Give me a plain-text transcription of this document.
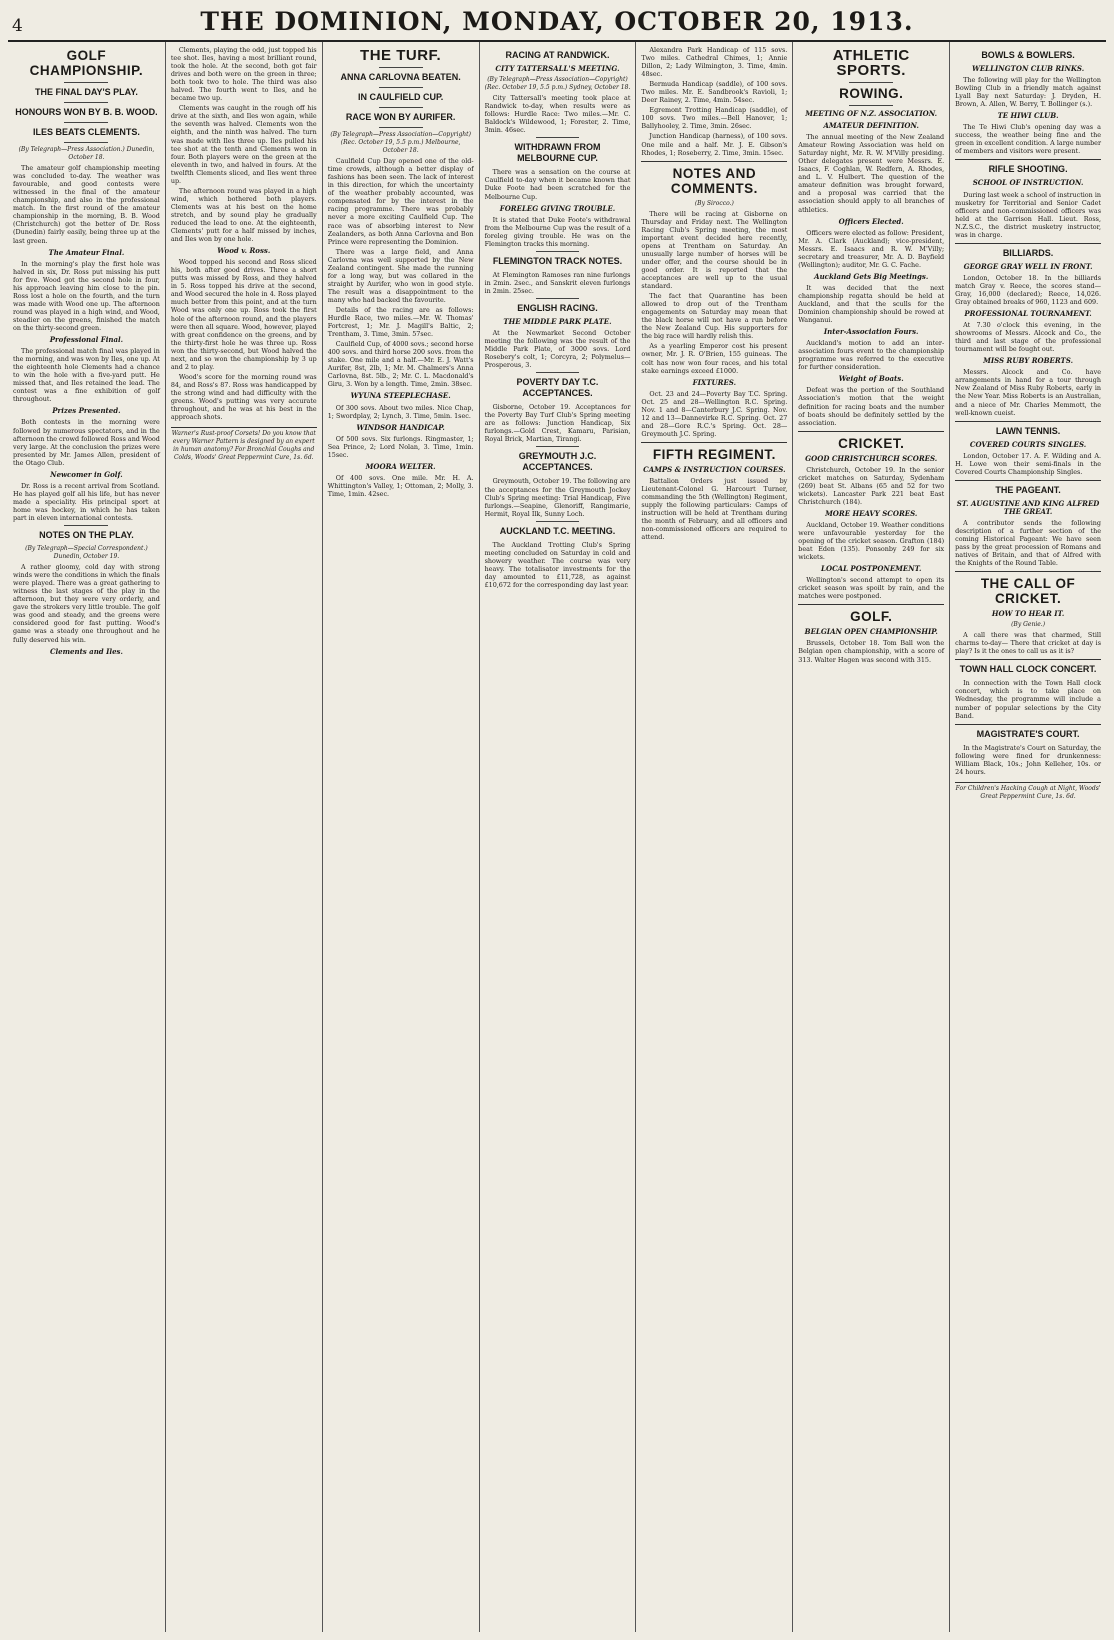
4	THE DOMINION, MONDAY, OCTOBER 20, 1913.
GOLF CHAMPIONSHIP.
THE FINAL DAY'S PLAY.
HONOURS WON BY B. B. WOOD.
ILES BEATS CLEMENTS.
(By Telegraph—Press Association.) Dunedin, October 18.

The amateur golf championship meeting was concluded to-day. The weather was favourable, and good contests were witnessed in the final of the amateur championship, and also in the professional match. In the first round of the amateur championship in the morning, B. B. Wood (Christchurch) got the better of Dr. Ross (Dunedin) fairly easily, being three up at the last green.

The Amateur Final.

In the morning's play the first hole was halved in six, Dr. Ross put missing his putt for five. Wood got the second hole in four, his approach leaving him close to the pin. Ross lost a hole on the fourth, and the turn was made with Wood one up. The afternoon round was played in a high wind, and Wood, steadier on the greens, finished the match on the thirty-second green.

Professional Final.

The professional match final was played in the morning, and was won by Iles, one up. At the eighteenth hole Clements had a chance to win the hole with a five-yard putt. He missed that, and Iles retained the lead. The contest was a fine exhibition of golf throughout.

Prizes Presented.

Both contests in the morning were followed by numerous spectators, and in the afternoon the crowd followed Ross and Wood very large. At the conclusion the prizes were presented by Mr. James Allen, president of the Otago Club.

Newcomer in Golf.

Dr. Ross is a recent arrival from Scotland. He has played golf all his life, but has never made a speciality. His principal sport at home was hockey, in which he has taken part in eleven international contests.

NOTES ON THE PLAY.
(By Telegraph—Special Correspondent.) Dunedin, October 19.

A rather gloomy, cold day with strong winds were the conditions in which the finals were played. There was a great gathering to witness the last stages of the play in the afternoon, but they were very orderly, and gave the strokers very little trouble. The golf was good and steady, and the greens were considered good for fast putting. Wood's game was a steady one throughout and he fully deserved his win.

Clements and Iles.

Clements, playing the odd, just topped his tee shot. Iles, having a most brilliant round, took the hole. At the second, both got fair drives and both were on the green in three; both took two to hole. The third was also halved. The fourth went to Iles, and he became two up.

Clements was caught in the rough off his drive at the sixth, and Iles won again, while the seventh was halved. Clements won the eighth, and the ninth was halved. The turn was made with Iles three up. Iles pulled his tee shot at the tenth and Clements won in four. Both players were on the green at the eleventh in two, and halved in fours. At the twelfth Clements sliced, and Iles went three up.

The afternoon round was played in a high wind, which bothered both players. Clements was at his best on the home stretch, and by sound play he gradually reduced the lead to one. At the eighteenth, Clements' putt for a half missed by inches, and Iles won by one hole.

Wood v. Ross.

Wood topped his second and Ross sliced his, both after good drives. Three a short putts was missed by Ross, and they halved in 5. Ross topped his drive at the second, and Wood secured the hole in 4. Ross played much better from this point, and at the turn Wood was only one up. Ross took the first hole of the afternoon round, and the players were then all square. Wood, however, played with great confidence on the greens, and by the thirty-first hole he was three up. Ross won the thirty-second, but Wood halved the next, and so won the championship by 3 up and 2 to play.

Wood's score for the morning round was 84, and Ross's 87. Ross was handicapped by the strong wind and had difficulty with the greens. Wood's putting was very accurate throughout, and he was at his best in the approach shots.

Warner's Rust-proof Corsets! Do you know that every Warner Pattern is designed by an expert in human anatomy? For Bronchial Coughs and Colds, Woods' Great Peppermint Cure, 1s. 6d.
THE TURF.
ANNA CARLOVNA BEATEN.
IN CAULFIELD CUP.
RACE WON BY AURIFER.
(By Telegraph—Press Association—Copyright) (Rec. October 19, 5.5 p.m.) Melbourne, October 18.

Caulfield Cup Day opened one of the old-time crowds, although a better display of fashions has been seen. The lack of interest in this direction, for which the uncertainty of the weather probably accounted, was compensated for by the interest in the racing programme. There was probably never a more exciting Caulfield Cup. The race was of absorbing interest to New Zealanders, as both Anna Carlovna and Bon Prince were representing the Dominion.

There was a large field, and Anna Carlovna was well supported by the New Zealand contingent. She made the running for a long way, but was collared in the straight by Aurifer, who won in good style. The result was a disappointment to the many who had backed the favourite.

Details of the racing are as follows: Hurdle Race, two miles.—Mr. W. Thomas' Fortcrest, 1; Mr. J. Magill's Baltic, 2; Trentham, 3. Time, 3min. 57sec.

Caulfield Cup, of 4000 sovs.; second horse 400 sovs. and third horse 200 sovs. from the stake. One mile and a half.—Mr. E. J. Watt's Aurifer, 8st, 2lb, 1; Mr. M. Chalmers's Anna Carlovna, 8st. 5lb., 2; Mr. C. L. Macdonald's Giru, 3. Won by a length. Time, 2min. 38sec.

WYUNA STEEPLECHASE.

Of 300 sovs. About two miles. Nice Chap, 1; Swordplay, 2; Lynch, 3. Time, 5min. 1sec.

WINDSOR HANDICAP.

Of 500 sovs. Six furlongs. Ringmaster, 1; Sea Prince, 2; Lord Nolan, 3. Time, 1min. 15sec.

MOORA WELTER.

Of 400 sovs. One mile. Mr. H. A. Whittington's Valley, 1; Ottoman, 2; Molly, 3. Time, 1min. 42sec.

RACING AT RANDWICK.
CITY TATTERSALL'S MEETING.
(By Telegraph—Press Association—Copyright) (Rec. October 19, 5.5 p.m.) Sydney, October 18.

City Tattersall's meeting took place at Randwick to-day, when results were as follows: Hurdle Race: Two miles.—Mr. C. Baldock's Wildewood, 1; Forester, 2. Time, 3min. 46sec.

WITHDRAWN FROM MELBOURNE CUP.

There was a sensation on the course at Caulfield to-day when it became known that Duke Foote had been scratched for the Melbourne Cup.

FORELEG GIVING TROUBLE.

It is stated that Duke Foote's withdrawal from the Melbourne Cup was the result of a foreleg giving trouble. He was on the Flemington tracks this morning.

FLEMINGTON TRACK NOTES.

At Flemington Ramoses ran nine furlongs in 2min. 2sec., and Sanskrit eleven furlongs in 2min. 25sec.

ENGLISH RACING.
THE MIDDLE PARK PLATE.

At the Newmarket Second October meeting the following was the result of the Middle Park Plate, of 3000 sovs. Lord Rosebery's colt, 1; Corcyra, 2; Polymelus—Prosperous, 3.

POVERTY DAY T.C. ACCEPTANCES.

Gisborne, October 19. Acceptances for the Poverty Bay Turf Club's Spring meeting are as follows: Junction Handicap, Six furlongs.—Gold Crest, Kamaru, Parisian, Royal Brick, Martian, Tirangi.

GREYMOUTH J.C. ACCEPTANCES.

Greymouth, October 19. The following are the acceptances for the Greymouth Jockey Club's Spring meeting: Trial Handicap, Five furlongs.—Seapine, Glenoriff, Rangimarie, Hermit, Royal Ilk, Sunny Loch.

AUCKLAND T.C. MEETING.

The Auckland Trotting Club's Spring meeting concluded on Saturday in cold and showery weather. The course was very heavy. The totalisator investments for the day amounted to £11,728, as against £10,672 for the corresponding day last year.

Alexandra Park Handicap of 115 sovs. Two miles. Cathedral Chimes, 1; Annie Dillon, 2; Lady Wilmington, 3. Time, 4min. 48sec.

Bermuda Handicap (saddle), of 100 sovs. Two miles. Mr. E. Sandbrook's Ravioli, 1; Deer Rainey, 2. Time, 4min. 54sec.

Egremont Trotting Handicap (saddle), of 100 sovs. Two miles.—Bell Hanover, 1; Ballyhooley, 2. Time, 3min. 26sec.

Junction Handicap (harness), of 100 sovs. One mile and a half. Mr. J. E. Gibson's Rhodes, 1; Roseberry, 2. Time, 3min. 15sec.

NOTES AND COMMENTS.
(By Sirocco.)

There will be racing at Gisborne on Thursday and Friday next. The Wellington Racing Club's Spring meeting, the most important event decided here recently, opens at Trentham on Saturday. An unusually large number of horses will be under offer, and the course should be in good order. It is reported that the acceptances are well up to the usual standard.

The fact that Quarantine has been allowed to drop out of the Trentham engagements on Saturday may mean that the black horse will not have a run before the New Zealand Cup. His supporters for the big race will hardly relish this.

As a yearling Emperor cost his present owner, Mr. J. R. O'Brien, 155 guineas. The colt has now won four races, and his total stake earnings exceed £1000.

FIXTURES.

Oct. 23 and 24—Poverty Bay T.C. Spring. Oct. 25 and 28—Wellington R.C. Spring. Nov. 1 and 8—Canterbury J.C. Spring. Nov. 12 and 13—Dannevirke R.C. Spring. Oct. 27 and 28—Gore R.C.'s Spring. Oct. 28—Greymouth J.C. Spring.

FIFTH REGIMENT.
CAMPS & INSTRUCTION COURSES.

Battalion Orders just issued by Lieutenant-Colonel G. Harcourt Turner, commanding the 5th (Wellington) Regiment, supply the following particulars: Camps of instruction will be held at Trentham during the month of February, and all officers and non-commissioned officers are required to attend.

ATHLETIC SPORTS.
ROWING.
MEETING OF N.Z. ASSOCIATION.
AMATEUR DEFINITION.

The annual meeting of the New Zealand Amateur Rowing Association was held on Saturday night, Mr. R. W. M'Villy presiding. Other delegates present were Messrs. E. Isaacs, F. Coghlan, W. Redfern, A. Rhodes, and L. V. Hulbert. The question of the amateur definition was brought forward, and a proposal was carried that the association should apply to all branches of athletics.

Officers Elected.

Officers were elected as follow: President, Mr. A. Clark (Auckland); vice-president, Messrs. E. Isaacs and R. W. M'Villy; secretary and treasurer, Mr. A. D. Bayfield (Wellington); auditor, Mr. G. C. Fache.

Auckland Gets Big Meetings.

It was decided that the next championship regatta should be held at Auckland, and that the sculls for the Dominion championship should be rowed at Wanganui.

Inter-Association Fours.

Auckland's motion to add an inter-association fours event to the championship programme was referred to the executive for further consideration.

Weight of Boats.

Defeat was the portion of the Southland Association's motion that the weight definition for racing boats and the number of boats should be definitely settled by the association.

CRICKET.
GOOD CHRISTCHURCH SCORES.

Christchurch, October 19. In the senior cricket matches on Saturday, Sydenham (269) beat St. Albans (65 and 52 for two wickets). Lancaster Park 221 beat East Christchurch (184).

MORE HEAVY SCORES.

Auckland, October 19. Weather conditions were unfavourable yesterday for the opening of the cricket season. Grafton (184) beat Eden (135). Ponsonby 249 for six wickets.

LOCAL POSTPONEMENT.

Wellington's second attempt to open its cricket season was spoilt by rain, and the matches were postponed.

GOLF.
BELGIAN OPEN CHAMPIONSHIP.

Brussels, October 18. Tom Ball won the Belgian open championship, with a score of 313. Walter Hagen was second with 315.

BOWLS & BOWLERS.
WELLINGTON CLUB RINKS.

The following will play for the Wellington Bowling Club in a friendly match against Lyall Bay next Saturday: J. Dryden, H. Brown, A. Allen, W. Berry, T. Bollinger (s.).

TE HIWI CLUB.

The Te Hiwi Club's opening day was a success, the weather being fine and the green in excellent condition. A large number of members and visitors were present.

RIFLE SHOOTING.
SCHOOL OF INSTRUCTION.

During last week a school of instruction in musketry for Territorial and Senior Cadet officers and non-commissioned officers was held at the Garrison Hall. Lieut. Ross, N.Z.S.C., the district musketry instructor, was in charge.

BILLIARDS.
GEORGE GRAY WELL IN FRONT.

London, October 18. In the billiards match Gray v. Reece, the scores stand—Gray, 16,000 (declared); Reece, 14,026. Gray obtained breaks of 960, 1123 and 609.

PROFESSIONAL TOURNAMENT.

At 7.30 o'clock this evening, in the showrooms of Messrs. Alcock and Co., the third and last stage of the professional tournament will be fought out.

MISS RUBY ROBERTS.

Messrs. Alcock and Co. have arrangements in hand for a tour through New Zealand of Miss Ruby Roberts, early in the New Year. Miss Roberts is an Australian, and a niece of Mr. Charles Memmott, the well-known cueist.

LAWN TENNIS.
COVERED COURTS SINGLES.

London, October 17. A. F. Wilding and A. H. Lowe won their semi-finals in the Covered Courts Championship Singles.

THE PAGEANT.
ST. AUGUSTINE AND KING ALFRED THE GREAT.

A contributor sends the following description of a further section of the coming Historical Pageant: We have seen pass by the great procession of Romans and natives of Britain, and that of Alfred with the Knights of the Round Table.

THE CALL OF CRICKET.
HOW TO HEAR IT.
(By Genie.)

A call there was that charmed, Still charms to-day— There that cricket at day is play? Is it the ones to call us as it is?

TOWN HALL CLOCK CONCERT.

In connection with the Town Hall clock concert, which is to take place on Wednesday, the programme will include a number of popular selections by the City Band.

MAGISTRATE'S COURT.

In the Magistrate's Court on Saturday, the following were fined for drunkenness: William Black, 10s.; John Kelleher, 10s. or 24 hours.

For Children's Hacking Cough at Night, Woods' Great Peppermint Cure, 1s. 6d.
